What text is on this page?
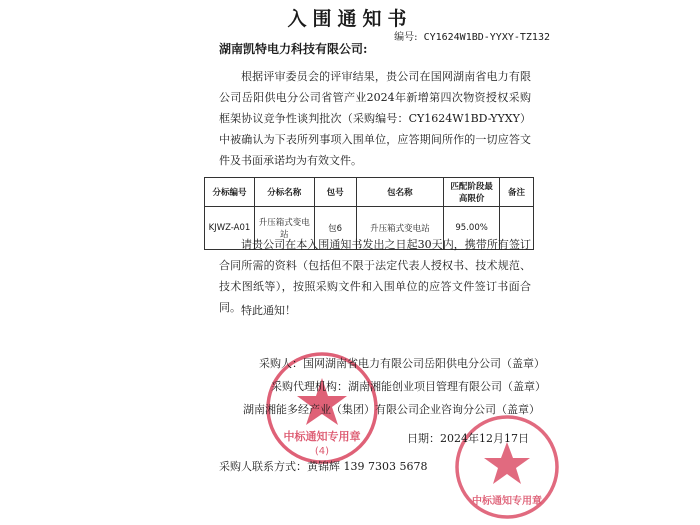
入围通知书
编号: CY1624W1BD-YYXY-TZ132
湖南凯特电力科技有限公司:
根据评审委员会的评审结果，贵公司在国网湖南省电力有限公司岳阳供电分公司省管产业2024年新增第四次物资授权采购框架协议竞争性谈判批次（采购编号：CY1624W1BD-YYXY）中被确认为下表所列事项入围单位，应答期间所作的一切应答文件及书面承诺均为有效文件。
分标编号	分标名称	包号	包名称	匹配阶段最高限价	备注
KJWZ-A01	升压箱式变电站	包6	升压箱式变电站	95.00%	
请贵公司在本入围通知书发出之日起30天内，携带所有签订合同所需的资料（包括但不限于法定代表人授权书、技术规范、技术图纸等），按照采购文件和入围单位的应答文件签订书面合同。 特此通知！
中标通知专用章
(4)
中标通知专用章
采购人：国网湖南省电力有限公司岳阳供电分公司（盖章）
采购代理机构：湖南湘能创业项目管理有限公司（盖章）
湖南湘能多经产业（集团）有限公司企业咨询分公司（盖章）
日期：2024年12月17日
采购人联系方式：黄锦辉 139 7303 5678
